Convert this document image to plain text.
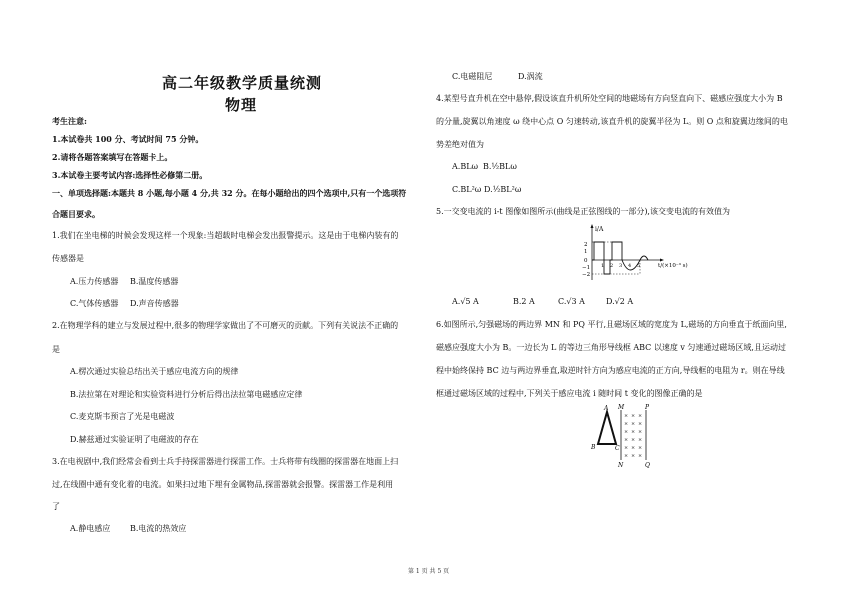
高二年级教学质量统测
物理
考生注意:
1.本试卷共 100 分、考试时间 75 分钟。
2.请将各题答案填写在答题卡上。
3.本试卷主要考试内容:选择性必修第二册。
一、单项选择题:本题共 8 小题,每小题 4 分,共 32 分。在每小题给出的四个选项中,只有一个选项符
合题目要求。
1.我们在坐电梯的时候会发现这样一个现象:当超载时电梯会发出报警提示。这是由于电梯内装有的
传感器是
A.压力传感器 B.温度传感器
C.气体传感器 D.声音传感器
2.在物理学科的建立与发展过程中,很多的物理学家做出了不可磨灭的贡献。下列有关说法不正确的
是
A.楞次通过实验总结出关于感应电流方向的规律
B.法拉第在对理论和实验资料进行分析后得出法拉第电磁感应定律
C.麦克斯韦预言了光是电磁波
D.赫兹通过实验证明了电磁波的存在
3.在电视剧中,我们经常会看到士兵手持探雷器进行探雷工作。士兵将带有线圈的探雷器在地面上扫
过,在线圈中通有变化着的电流。如果扫过地下埋有金属物品,探雷器就会报警。探雷器工作是利用
了
A.静电感应 B.电流的热效应
C.电磁阻尼	D.涡流
4.某型号直升机在空中悬停,假设该直升机所处空间的地磁场有方向竖直向下、磁感应强度大小为 B
的分量,旋翼以角速度 ω 绕中心点 O 匀速转动,该直升机的旋翼半径为 L。则 O 点和旋翼边缘间的电
势差绝对值为
A.BLω B.½BLω
C.BL²ω D.½BL²ω
5.一交变电流的 i-t 图像如图所示(曲线是正弦图线的一部分),该交变电流的有效值为
i/A
t/(×10⁻³ s)
2
1
0
−1
−2
1 2 3 4 5
A.√5 A	B.2 A	C.√3 A	D.√2 A
6.如图所示,匀强磁场的两边界 MN 和 PQ 平行,且磁场区域的宽度为 L,磁场的方向垂直于纸面向里,
磁感应强度大小为 B。一边长为 L 的等边三角形导线框 ABC 以速度 v 匀速通过磁场区域,且运动过
程中始终保持 BC 边与两边界垂直,取逆时针方向为感应电流的正方向,导线框的电阻为 r。则在导线
框通过磁场区域的过程中,下列关于感应电流 i 随时间 t 变化的图像正确的是
M	P
N	Q
× × ×
× × ×
× × ×
× × ×
× × ×
× × ×
A
B	C
第 1 页 共 5 页
